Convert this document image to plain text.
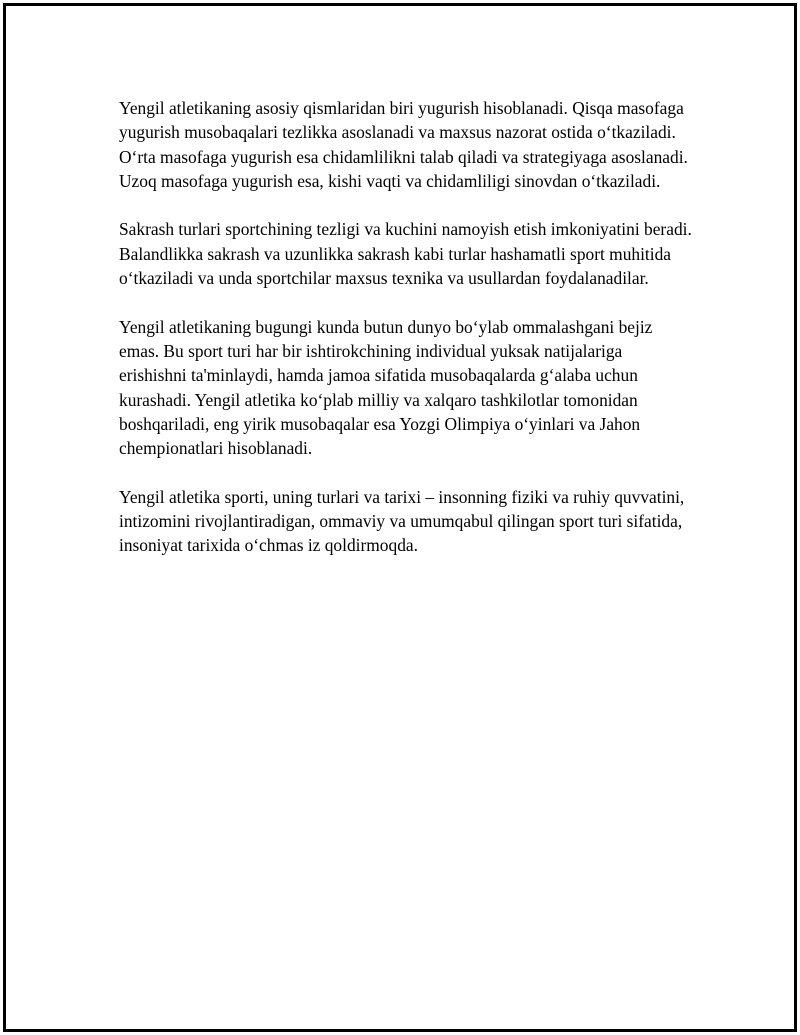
Yengil atletikaning asosiy qismlaridan biri yugurish hisoblanadi. Qisqa masofaga yugurish musobaqalari tezlikka asoslanadi va maxsus nazorat ostida o‘tkaziladi. O‘rta masofaga yugurish esa chidamlilikni talab qiladi va strategiyaga asoslanadi. Uzoq masofaga yugurish esa, kishi vaqti va chidamliligi sinovdan o‘tkaziladi.

Sakrash turlari sportchining tezligi va kuchini namoyish etish imkoniyatini beradi. Balandlikka sakrash va uzunlikka sakrash kabi turlar hashamatli sport muhitida o‘tkaziladi va unda sportchilar maxsus texnika va usullardan foydalanadilar.

Yengil atletikaning bugungi kunda butun dunyo bo‘ylab ommalashgani bejiz emas. Bu sport turi har bir ishtirokchining individual yuksak natijalariga erishishni ta'minlaydi, hamda jamoa sifatida musobaqalarda g‘alaba uchun kurashadi. Yengil atletika ko‘plab milliy va xalqaro tashkilotlar tomonidan boshqariladi, eng yirik musobaqalar esa Yozgi Olimpiya o‘yinlari va Jahon chempionatlari hisoblanadi.

Yengil atletika sporti, uning turlari va tarixi – insonning fiziki va ruhiy quvvatini, intizomini rivojlantiradigan, ommaviy va umumqabul qilingan sport turi sifatida, insoniyat tarixida o‘chmas iz qoldirmoqda.
